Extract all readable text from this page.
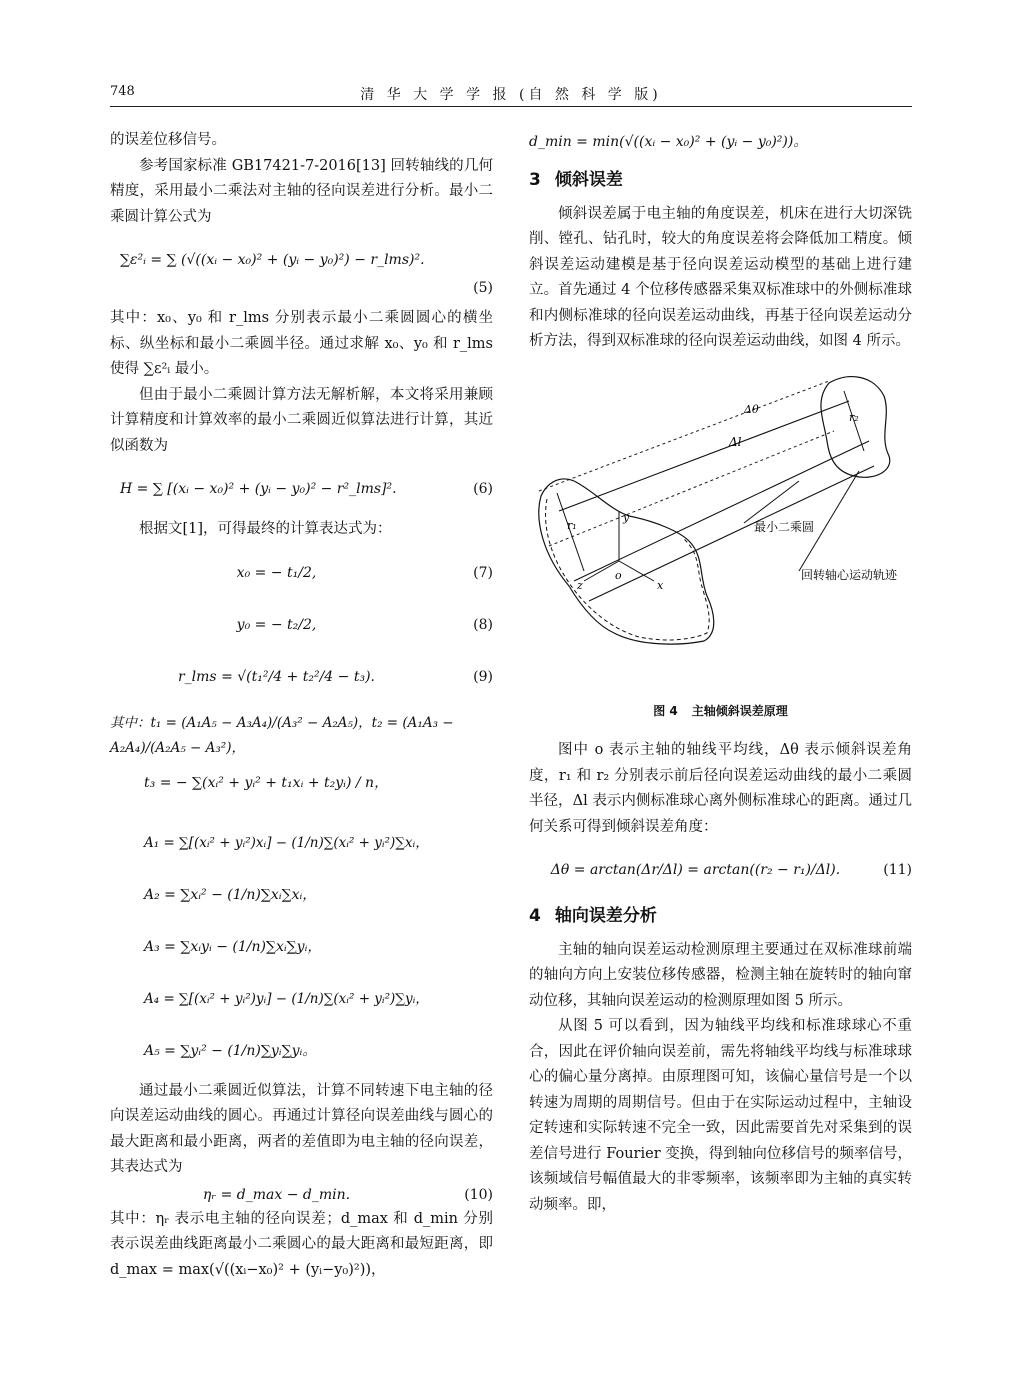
748	清 华 大 学 学 报 (自 然 科 学 版)

的误差位移信号。

参考国家标准 GB17421-7-2016[13] 回转轴线的几何精度，采用最小二乘法对主轴的径向误差进行分析。最小二乘圆计算公式为

∑ε²ᵢ = ∑ (√((xᵢ − x₀)² + (yᵢ − y₀)²) − r_lms)².
(5)

其中：x₀、y₀ 和 r_lms 分别表示最小二乘圆圆心的横坐标、纵坐标和最小二乘圆半径。通过求解 x₀、y₀ 和 r_lms 使得 ∑ε²ᵢ 最小。

但由于最小二乘圆计算方法无解析解，本文将采用兼顾计算精度和计算效率的最小二乘圆近似算法进行计算，其近似函数为

H = ∑ [(xᵢ − x₀)² + (yᵢ − y₀)² − r²_lms]².	(6)

根据文[1]，可得最终的计算表达式为：

x₀ = − t₁/2,	(7)
y₀ = − t₂/2,	(8)
r_lms = √(t₁²/4 + t₂²/4 − t₃).	(9)
其中：t₁ = (A₁A₅ − A₃A₄)/(A₃² − A₂A₅)，t₂ = (A₁A₃ − A₂A₄)/(A₂A₅ − A₃²)，
t₃ = − ∑(xᵢ² + yᵢ² + t₁xᵢ + t₂yᵢ) / n，
A₁ = ∑[(xᵢ² + yᵢ²)xᵢ] − (1/n)∑(xᵢ² + yᵢ²)∑xᵢ，
A₂ = ∑xᵢ² − (1/n)∑xᵢ∑xᵢ，
A₃ = ∑xᵢyᵢ − (1/n)∑xᵢ∑yᵢ，
A₄ = ∑[(xᵢ² + yᵢ²)yᵢ] − (1/n)∑(xᵢ² + yᵢ²)∑yᵢ，
A₅ = ∑yᵢ² − (1/n)∑yᵢ∑yᵢ。

通过最小二乘圆近似算法，计算不同转速下电主轴的径向误差运动曲线的圆心。再通过计算径向误差曲线与圆心的最大距离和最小距离，两者的差值即为电主轴的径向误差，其表达式为

ηᵣ = d_max − d_min.	(10)

其中：ηᵣ 表示电主轴的径向误差；d_max 和 d_min 分别表示误差曲线距离最小二乘圆心的最大距离和最短距离，即 d_max = max(√((xᵢ−x₀)² + (yᵢ−y₀)²))，

d_min = min(√((xᵢ − x₀)² + (yᵢ − y₀)²))。
3 倾斜误差

倾斜误差属于电主轴的角度误差，机床在进行大切深铣削、镗孔、钻孔时，较大的角度误差将会降低加工精度。倾斜误差运动建模是基于径向误差运动模型的基础上进行建立。首先通过 4 个位移传感器采集双标准球中的外侧标准球和内侧标准球的径向误差运动曲线，再基于径向误差运动分析方法，得到双标准球的径向误差运动曲线，如图 4 所示。

最小二乘圆
回转轴心运动轨迹
Δl
Δθ
r₁
r₂
y
z	x
o
图 4 主轴倾斜误差原理

图中 o 表示主轴的轴线平均线，Δθ 表示倾斜误差角度，r₁ 和 r₂ 分别表示前后径向误差运动曲线的最小二乘圆半径，Δl 表示内侧标准球心离外侧标准球心的距离。通过几何关系可得到倾斜误差角度：

Δθ = arctan(Δr/Δl) = arctan((r₂ − r₁)/Δl).	(11)
4 轴向误差分析

主轴的轴向误差运动检测原理主要通过在双标准球前端的轴向方向上安装位移传感器，检测主轴在旋转时的轴向窜动位移，其轴向误差运动的检测原理如图 5 所示。

从图 5 可以看到，因为轴线平均线和标准球球心不重合，因此在评价轴向误差前，需先将轴线平均线与标准球球心的偏心量分离掉。由原理图可知，该偏心量信号是一个以转速为周期的周期信号。但由于在实际运动过程中，主轴设定转速和实际转速不完全一致，因此需要首先对采集到的误差信号进行 Fourier 变换，得到轴向位移信号的频率信号，该频域信号幅值最大的非零频率，该频率即为主轴的真实转动频率。即，
